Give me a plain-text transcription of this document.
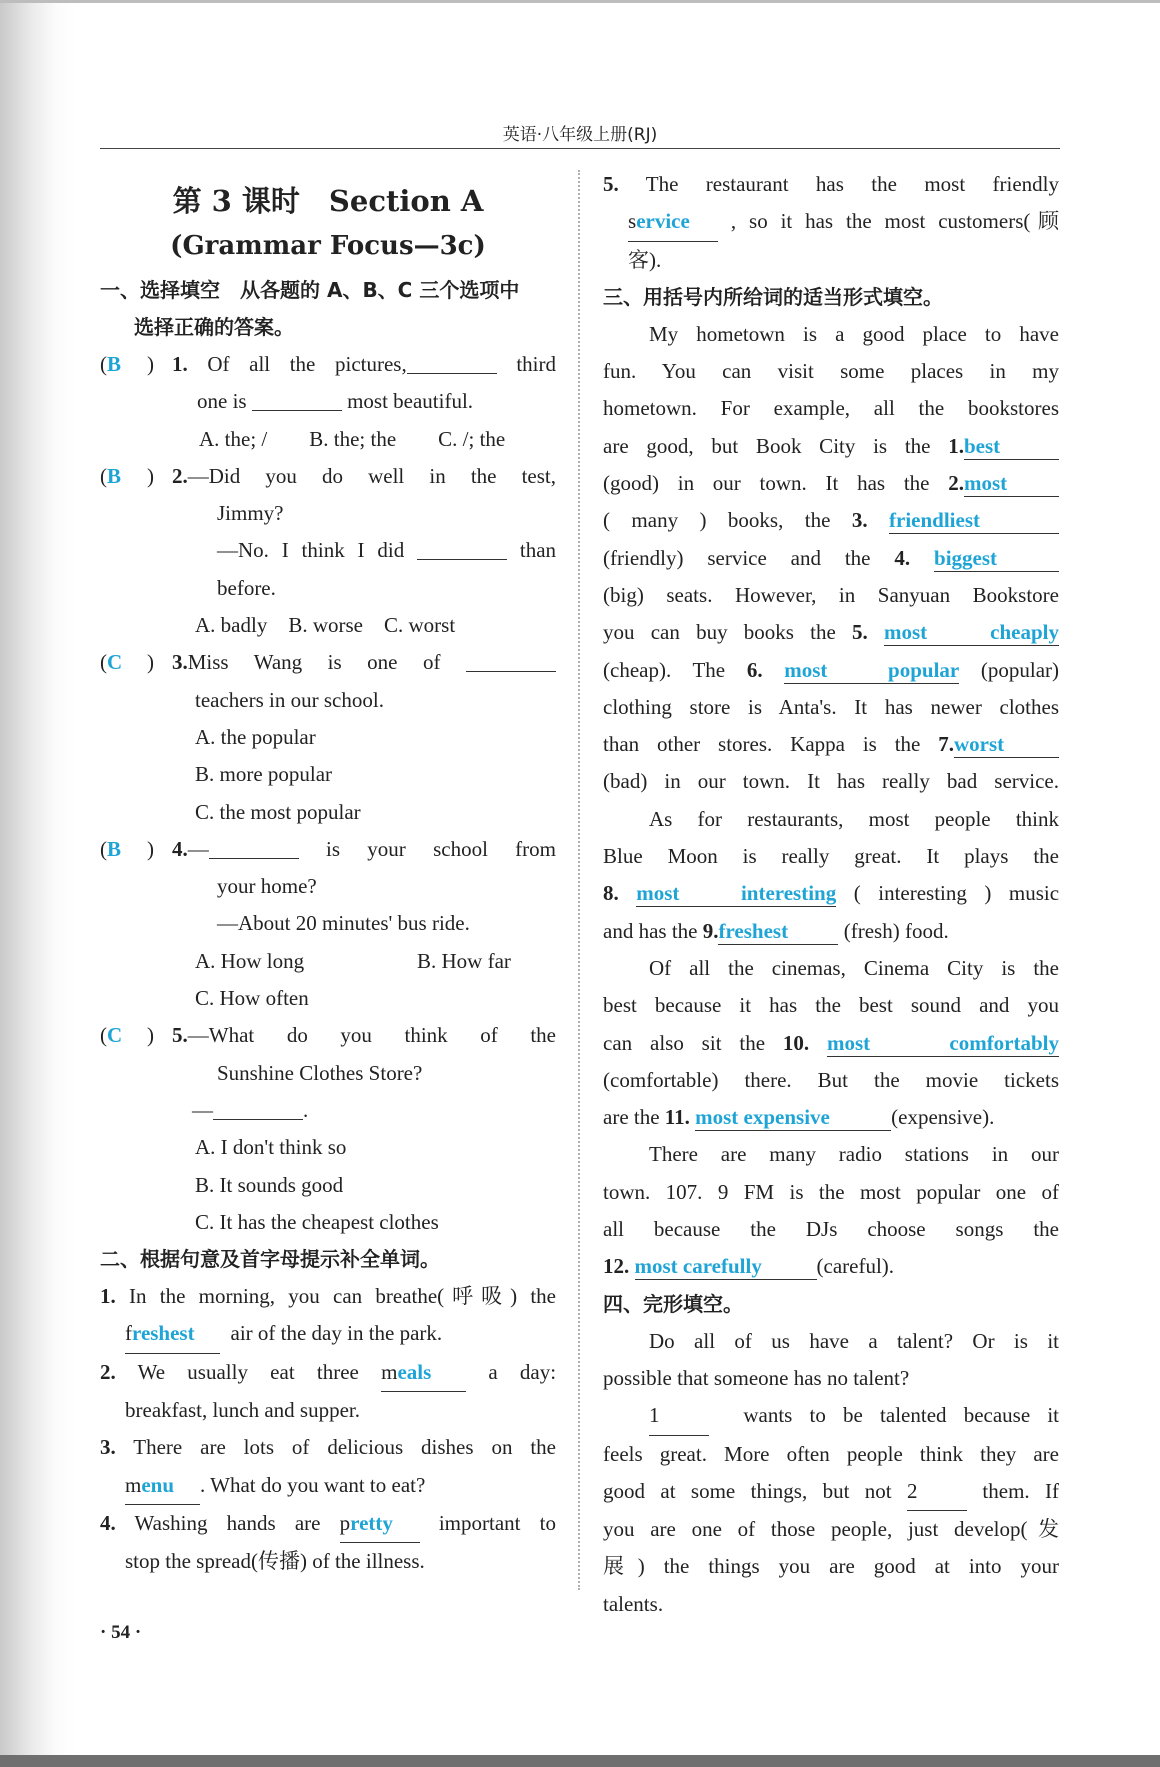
英语·八年级上册(RJ)

第 3 课时　Section A

(Grammar Focus—3c)

一、选择填空　从各题的 A、B、C 三个选项中
选择正确的答案。

(B ) 1. Of all the pictures,	third

one is	most beautiful.

A. the; /　　B. the; the　　C. /; the

(B ) 2.—Did you do well in the test,

Jimmy?

—No. I think I did	than

before.

A. badly B. worse C. worst

(C ) 3.Miss Wang is one of

teachers in our school.

A. the popular

B. more popular

C. the most popular

(B ) 4.—	is your school from

your home?

—About 20 minutes' bus ride.

A. How long	B. How far

C. How often

(C ) 5.—What do you think of the

Sunshine Clothes Store?

—	.

A. I don't think so

B. It sounds good

C. It has the cheapest clothes

二、根据句意及首字母提示补全单词。

1. In the morning, you can breathe(呼吸) the

freshest air of the day in the park.

2. We usually eat three meals	a day:

breakfast, lunch and supper.

3. There are lots of delicious dishes on the

menu . What do you want to eat?

4. Washing hands are pretty important to

stop the spread(传播) of the illness.

5. The restaurant has the most friendly

service , so it has the most customers(顾

客).

三、用括号内所给词的适当形式填空。

My hometown is a good place to have

fun. You can visit some places in my

hometown. For example, all the bookstores

are good, but Book City is the 1.best

(good) in our town. It has the 2.most

( many ) books, the 3. friendliest

(friendly) service and the 4. biggest

(big) seats. However, in Sanyuan Bookstore

you can buy books the 5. most cheaply

(cheap). The 6. most popular (popular)

clothing store is Anta's. It has newer clothes

than other stores. Kappa is the 7.worst

(bad) in our town. It has really bad service.

As for restaurants, most people think

Blue Moon is really great. It plays the

8. most interesting ( interesting ) music

and has the 9.freshest	(fresh) food.

Of all the cinemas, Cinema City is the

best because it has the best sound and you

can also sit the 10. most comfortably

(comfortable) there. But the movie tickets

are the 11. most expensive	(expensive).

There are many radio stations in our

town. 107. 9 FM is the most popular one of

all because the DJs choose songs the

12. most carefully	(careful).

四、完形填空。

Do all of us have a talent? Or is it

possible that someone has no talent?

1	wants to be talented because it

feels great. More often people think they are

good at some things, but not 2	them. If

you are one of those people, just develop(发

展) the things you are good at into your

talents.

· 54 ·
